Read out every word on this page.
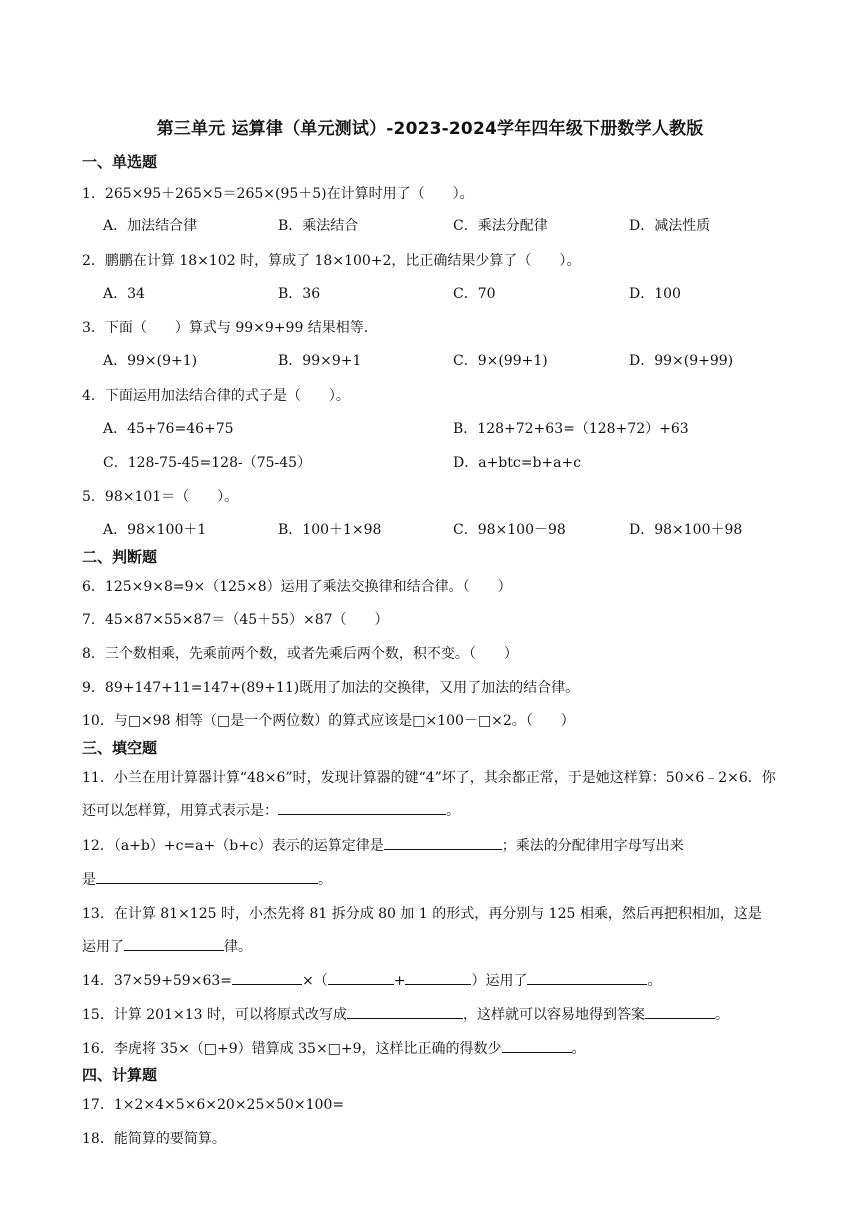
第三单元 运算律（单元测试）-2023-2024学年四年级下册数学人教版
一、单选题
1．265×95＋265×5＝265×(95＋5)在计算时用了（　　）。
A．加法结合律	B．乘法结合	C．乘法分配律	D．减法性质
2．鹏鹏在计算 18×102 时，算成了 18×100+2，比正确结果少算了（　　）。
A．34	B．36	C．70	D．100
3．下面（　　）算式与 99×9+99 结果相等.
A．99×(9+1)	B．99×9+1	C．9×(99+1)	D．99×(9+99)
4．下面运用加法结合律的式子是（　　）。
A．45+76=46+75	B．128+72+63=（128+72）+63
C．128-75-45=128-（75-45）	D．a+btc=b+a+c
5．98×101＝（　　）。
A．98×100＋1	B．100＋1×98	C．98×100－98	D．98×100＋98
二、判断题
6．125×9×8=9×（125×8）运用了乘法交换律和结合律。（　　）
7．45×87×55×87＝（45＋55）×87（　　）
8．三个数相乘，先乘前两个数，或者先乘后两个数，积不变。（　　）
9．89+147+11=147+(89+11)既用了加法的交换律，又用了加法的结合律。
10．与□×98 相等（□是一个两位数）的算式应该是□×100－□×2。（　　）
三、填空题
11．小兰在用计算器计算“48×6”时，发现计算器的键“4”坏了，其余都正常，于是她这样算：50×6﹣2×6．你
还可以怎样算，用算式表示是：	。
12．（a+b）+c=a+（b+c）表示的运算定律是	；乘法的分配律用字母写出来
是	。
13．在计算 81×125 时，小杰先将 81 拆分成 80 加 1 的形式，再分别与 125 相乘，然后再把积相加，这是
运用了	律。
14．37×59+59×63=	×（	+	）运用了	。
15．计算 201×13 时，可以将原式改写成	，这样就可以容易地得到答案	。
16．李虎将 35×（□+9）错算成 35×□+9，这样比正确的得数少	。
四、计算题
17．1×2×4×5×6×20×25×50×100=
18．能简算的要简算。
